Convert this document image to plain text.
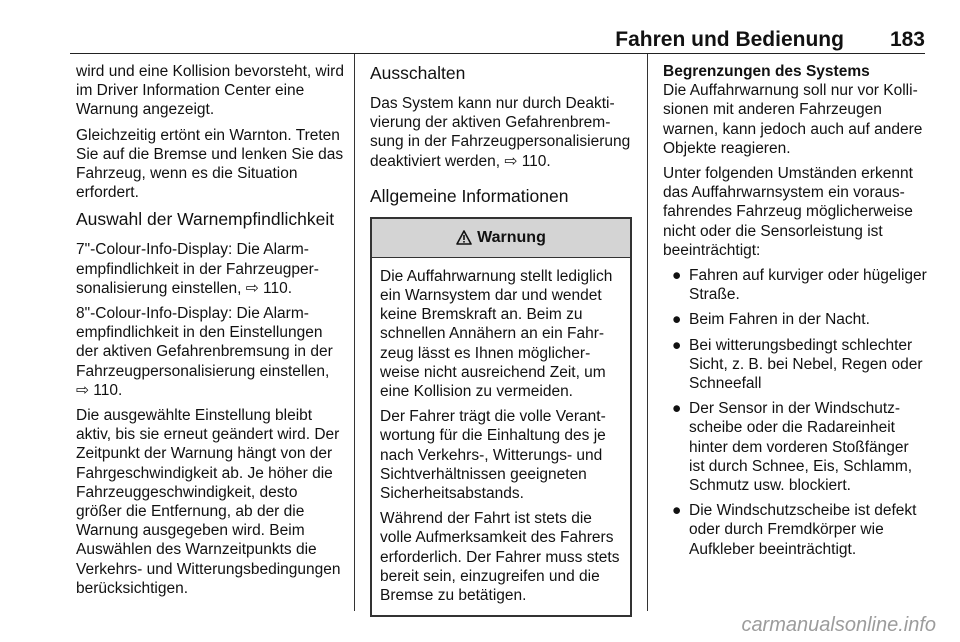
Fahren und Bedienung 183

wird und eine Kollision bevorsteht, wird im Driver Information Center eine Warnung angezeigt.

Gleichzeitig ertönt ein Warnton. Treten Sie auf die Bremse und lenken Sie das Fahrzeug, wenn es die Situation erfordert.

Auswahl der Warnempfindlichkeit

7"-Colour-Info-Display: Die Alarmempfindlichkeit in der Fahrzeugpersonalisierung einstellen, ⇨ 110.

8"-Colour-Info-Display: Die Alarmempfindlichkeit in den Einstellungen der aktiven Gefahrenbremsung in der Fahrzeugpersonalisierung einstellen, ⇨ 110.

Die ausgewählte Einstellung bleibt aktiv, bis sie erneut geändert wird. Der Zeitpunkt der Warnung hängt von der Fahrgeschwindigkeit ab. Je höher die Fahrzeuggeschwindigkeit, desto größer die Entfernung, ab der die Warnung ausgegeben wird. Beim Auswählen des Warnzeitpunkts die Verkehrs- und Witterungsbedingungen berücksichtigen.

Ausschalten

Das System kann nur durch Deaktivierung der aktiven Gefahrenbremsung in der Fahrzeugpersonalisierung deaktiviert werden, ⇨ 110.

Allgemeine Informationen
Warnung

Die Auffahrwarnung stellt lediglich ein Warnsystem dar und wendet keine Bremskraft an. Beim zu schnellen Annähern an ein Fahrzeug lässt es Ihnen möglicherweise nicht ausreichend Zeit, um eine Kollision zu vermeiden.

Der Fahrer trägt die volle Verantwortung für die Einhaltung des je nach Verkehrs-, Witterungs- und Sichtverhältnissen geeigneten Sicherheitsabstands.

Während der Fahrt ist stets die volle Aufmerksamkeit des Fahrers erforderlich. Der Fahrer muss stets bereit sein, einzugreifen und die Bremse zu betätigen.

Begrenzungen des Systems

Die Auffahrwarnung soll nur vor Kollisionen mit anderen Fahrzeugen warnen, kann jedoch auch auf andere Objekte reagieren.

Unter folgenden Umständen erkennt das Auffahrwarnsystem ein vorausfahrendes Fahrzeug möglicherweise nicht oder die Sensorleistung ist beeinträchtigt:

● Fahren auf kurviger oder hügeliger Straße.
● Beim Fahren in der Nacht.
● Bei witterungsbedingt schlechter Sicht, z. B. bei Nebel, Regen oder Schneefall
● Der Sensor in der Windschutzscheibe oder die Radareinheit hinter dem vorderen Stoßfänger ist durch Schnee, Eis, Schlamm, Schmutz usw. blockiert.
● Die Windschutzscheibe ist defekt oder durch Fremdkörper wie Aufkleber beeinträchtigt.
carmanualsonline.info
